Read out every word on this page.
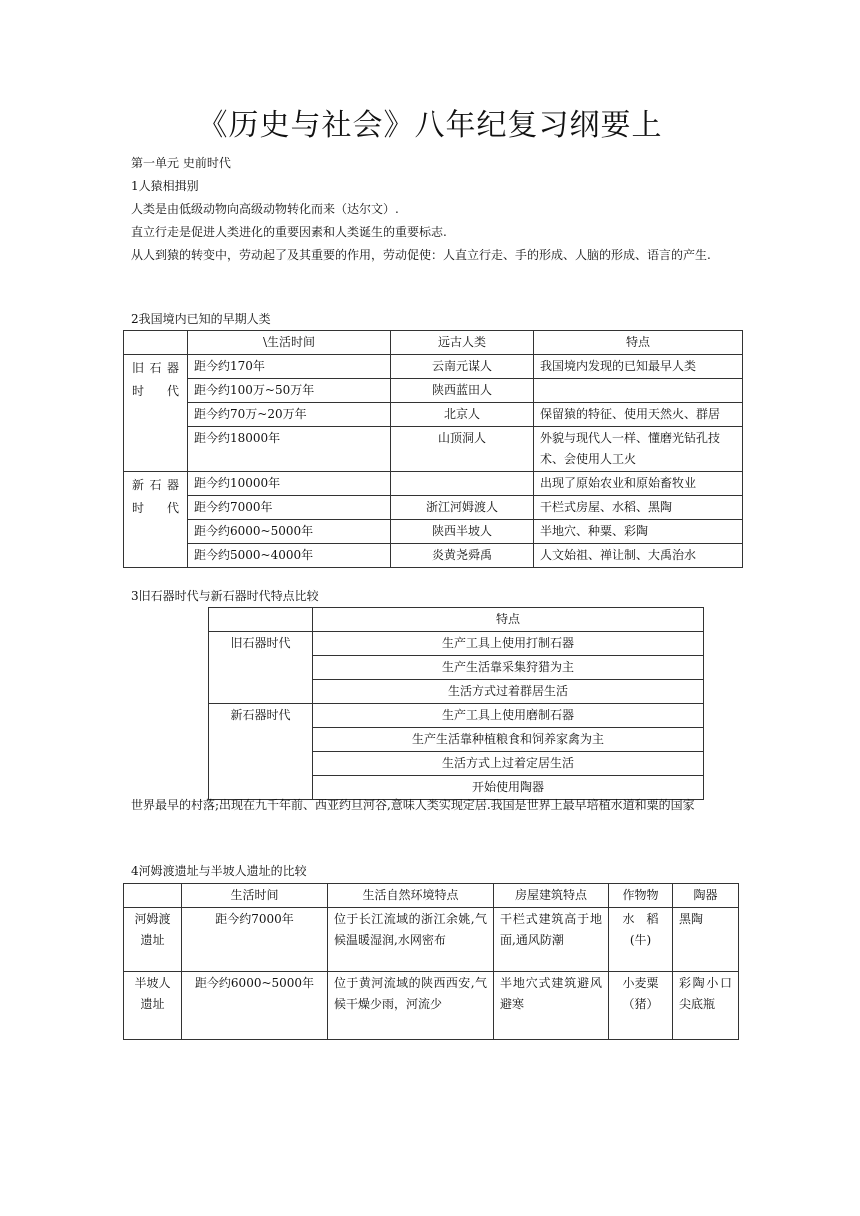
《历史与社会》八年纪复习纲要上
第一单元 史前时代
1人猿相揖别
人类是由低级动物向高级动物转化而来（达尔文）.
直立行走是促进人类进化的重要因素和人类诞生的重要标志.
从人到猿的转变中，劳动起了及其重要的作用，劳动促使：人直立行走、手的形成、人脑的形成、语言的产生.
2我国境内已知的早期人类
	\生活时间	远古人类	特点
旧石器时代	距今约170年	云南元谋人	我国境内发现的已知最早人类
	距今约100万~50万年	陕西蓝田人	
	距今约70万~20万年	北京人	保留猿的特征、使用天然火、群居
	距今约18000年	山顶洞人	外貌与现代人一样、懂磨光钻孔技术、会使用人工火
新石器时代	距今约10000年		出现了原始农业和原始畜牧业
	距今约7000年	浙江河姆渡人	干栏式房屋、水稻、黑陶
	距今约6000~5000年	陕西半坡人	半地穴、种粟、彩陶
	距今约5000~4000年	炎黄尧舜禹	人文始祖、禅让制、大禹治水
3旧石器时代与新石器时代特点比较
	特点
旧石器时代	生产工具上使用打制石器
	生产生活靠采集狩猎为主
	生活方式过着群居生活
新石器时代	生产工具上使用磨制石器
	生产生活靠种植粮食和饲养家禽为主
	生活方式上过着定居生活
	开始使用陶器
世界最早的村落;出现在九千年前、西亚约旦河谷,意味人类实现定居.我国是世界上最早培植水道和粟的国家
4河姆渡遗址与半坡人遗址的比较
	生活时间	生活自然环境特点	房屋建筑特点	作物物	陶器
河姆渡遗址	距今约7000年	位于长江流域的浙江余姚,气候温暖湿润,水网密布	干栏式建筑高于地面,通风防潮	水　稻(牛)	黑陶
半坡人遗址	距今约6000~5000年	位于黄河流域的陕西西安,气候干燥少雨，河流少	半地穴式建筑避风避寒	小麦粟（猪）	彩陶小口尖底瓶
